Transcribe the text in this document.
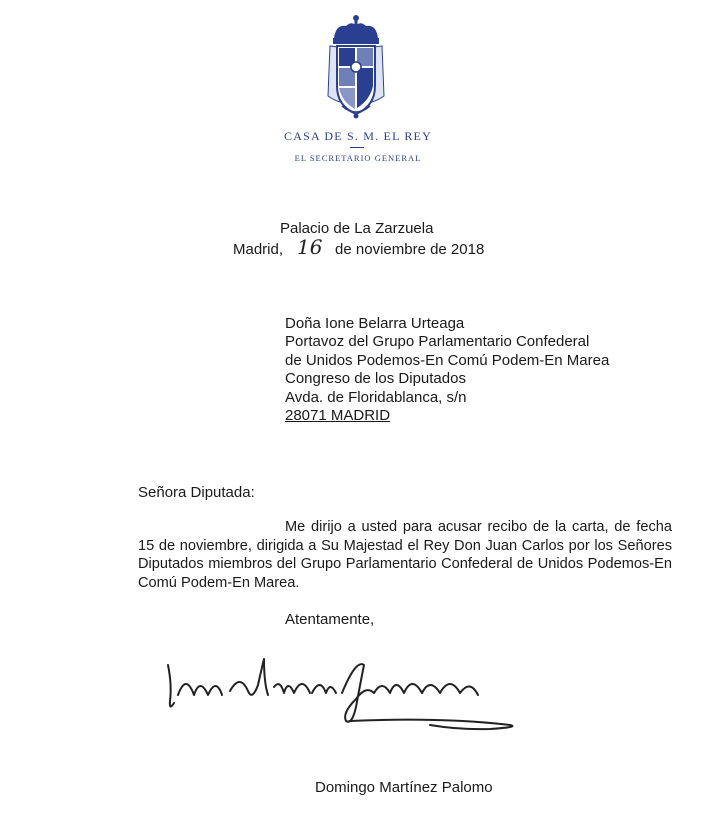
CASA DE S. M. EL REY
EL SECRETARIO GENERAL
Palacio de La Zarzuela
Madrid, 16 de noviembre de 2018
Doña Ione Belarra Urteaga
Portavoz del Grupo Parlamentario Confederal
de Unidos Podemos-En Comú Podem-En Marea
Congreso de los Diputados
Avda. de Floridablanca, s/n
28071 MADRID
Señora Diputada:
Me dirijo a usted para acusar recibo de la carta, de fecha 15 de noviembre, dirigida a Su Majestad el Rey Don Juan Carlos por los Señores Diputados miembros del Grupo Parlamentario Confederal de Unidos Podemos-En Comú Podem-En Marea.
Atentamente,
Domingo Martínez Palomo
